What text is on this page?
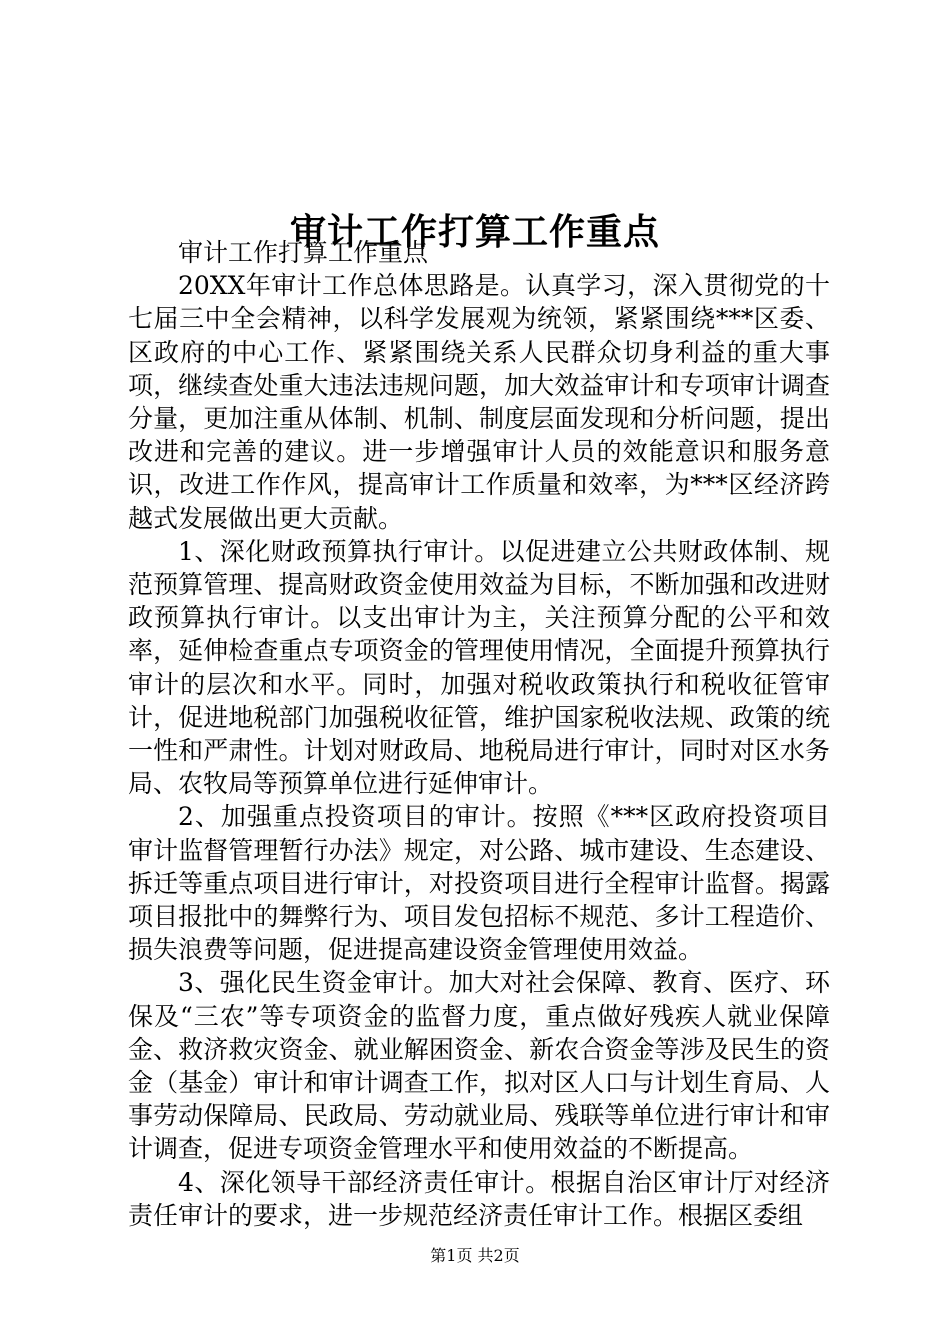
审计工作打算工作重点

审计工作打算工作重点

20XX年审计工作总体思路是。认真学习，深入贯彻党的十七届三中全会精神，以科学发展观为统领，紧紧围绕***区委、区政府的中心工作、紧紧围绕关系人民群众切身利益的重大事项，继续查处重大违法违规问题，加大效益审计和专项审计调查分量，更加注重从体制、机制、制度层面发现和分析问题，提出改进和完善的建议。进一步增强审计人员的效能意识和服务意识，改进工作作风，提高审计工作质量和效率，为***区经济跨越式发展做出更大贡献。

1、深化财政预算执行审计。以促进建立公共财政体制、规范预算管理、提高财政资金使用效益为目标，不断加强和改进财政预算执行审计。以支出审计为主，关注预算分配的公平和效率，延伸检查重点专项资金的管理使用情况，全面提升预算执行审计的层次和水平。同时，加强对税收政策执行和税收征管审计，促进地税部门加强税收征管，维护国家税收法规、政策的统一性和严肃性。计划对财政局、地税局进行审计，同时对区水务局、农牧局等预算单位进行延伸审计。

2、加强重点投资项目的审计。按照《***区政府投资项目审计监督管理暂行办法》规定，对公路、城市建设、生态建设、拆迁等重点项目进行审计，对投资项目进行全程审计监督。揭露项目报批中的舞弊行为、项目发包招标不规范、多计工程造价、损失浪费等问题，促进提高建设资金管理使用效益。

3、强化民生资金审计。加大对社会保障、教育、医疗、环保及“三农”等专项资金的监督力度，重点做好残疾人就业保障金、救济救灾资金、就业解困资金、新农合资金等涉及民生的资金（基金）审计和审计调查工作，拟对区人口与计划生育局、人事劳动保障局、民政局、劳动就业局、残联等单位进行审计和审计调查，促进专项资金管理水平和使用效益的不断提高。

4、深化领导干部经济责任审计。根据自治区审计厅对经济责任审计的要求，进一步规范经济责任审计工作。根据区委组

第1页 共2页
